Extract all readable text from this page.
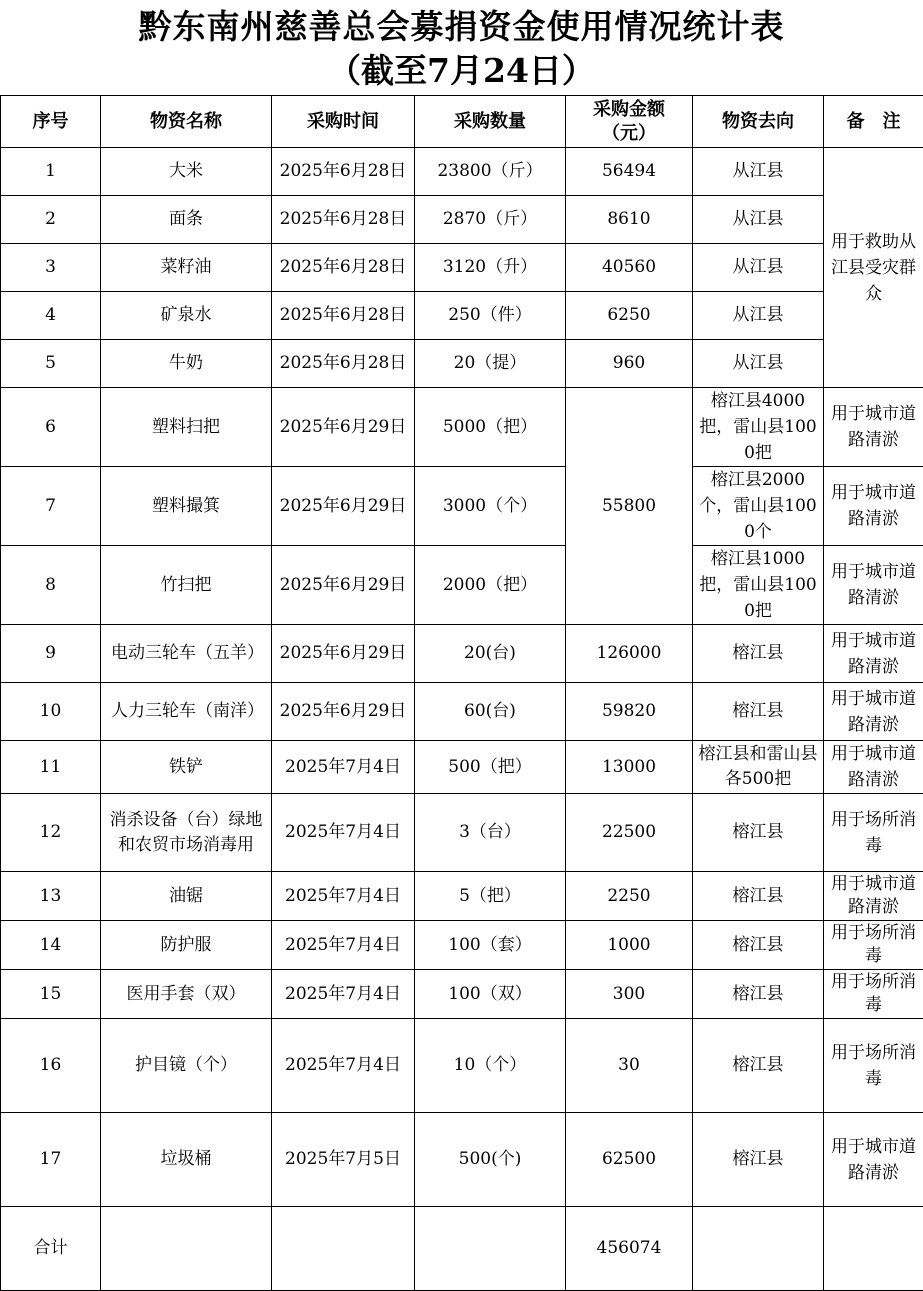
黔东南州慈善总会募捐资金使用情况统计表
（截至7月24日）
序号	物资名称	采购时间	采购数量	采购金额（元）	物资去向	备　注
1	大米	2025年6月28日	23800（斤）	56494	从江县	用于救助从江县受灾群众
2	面条	2025年6月28日	2870（斤）	8610	从江县	
3	菜籽油	2025年6月28日	3120（升）	40560	从江县	
4	矿泉水	2025年6月28日	250（件）	6250	从江县	
5	牛奶	2025年6月28日	20（提）	960	从江县	
6	塑料扫把	2025年6月29日	5000（把）	55800	榕江县4000把，雷山县1000把	用于城市道路清淤
7	塑料撮箕	2025年6月29日	3000（个）		榕江县2000个，雷山县1000个	用于城市道路清淤
8	竹扫把	2025年6月29日	2000（把）		榕江县1000把，雷山县1000把	用于城市道路清淤
9	电动三轮车（五羊）	2025年6月29日	20(台)	126000	榕江县	用于城市道路清淤
10	人力三轮车（南洋）	2025年6月29日	60(台)	59820	榕江县	用于城市道路清淤
11	铁铲	2025年7月4日	500（把）	13000	榕江县和雷山县各500把	用于城市道路清淤
12	消杀设备（台）绿地和农贸市场消毒用	2025年7月4日	3（台）	22500	榕江县	用于场所消毒
13	油锯	2025年7月4日	5（把）	2250	榕江县	用于城市道路清淤
14	防护服	2025年7月4日	100（套）	1000	榕江县	用于场所消毒
15	医用手套（双）	2025年7月4日	100（双）	300	榕江县	用于场所消毒
16	护目镜（个）	2025年7月4日	10（个）	30	榕江县	用于场所消毒
17	垃圾桶	2025年7月5日	500(个)	62500	榕江县	用于城市道路清淤
合计				456074		
